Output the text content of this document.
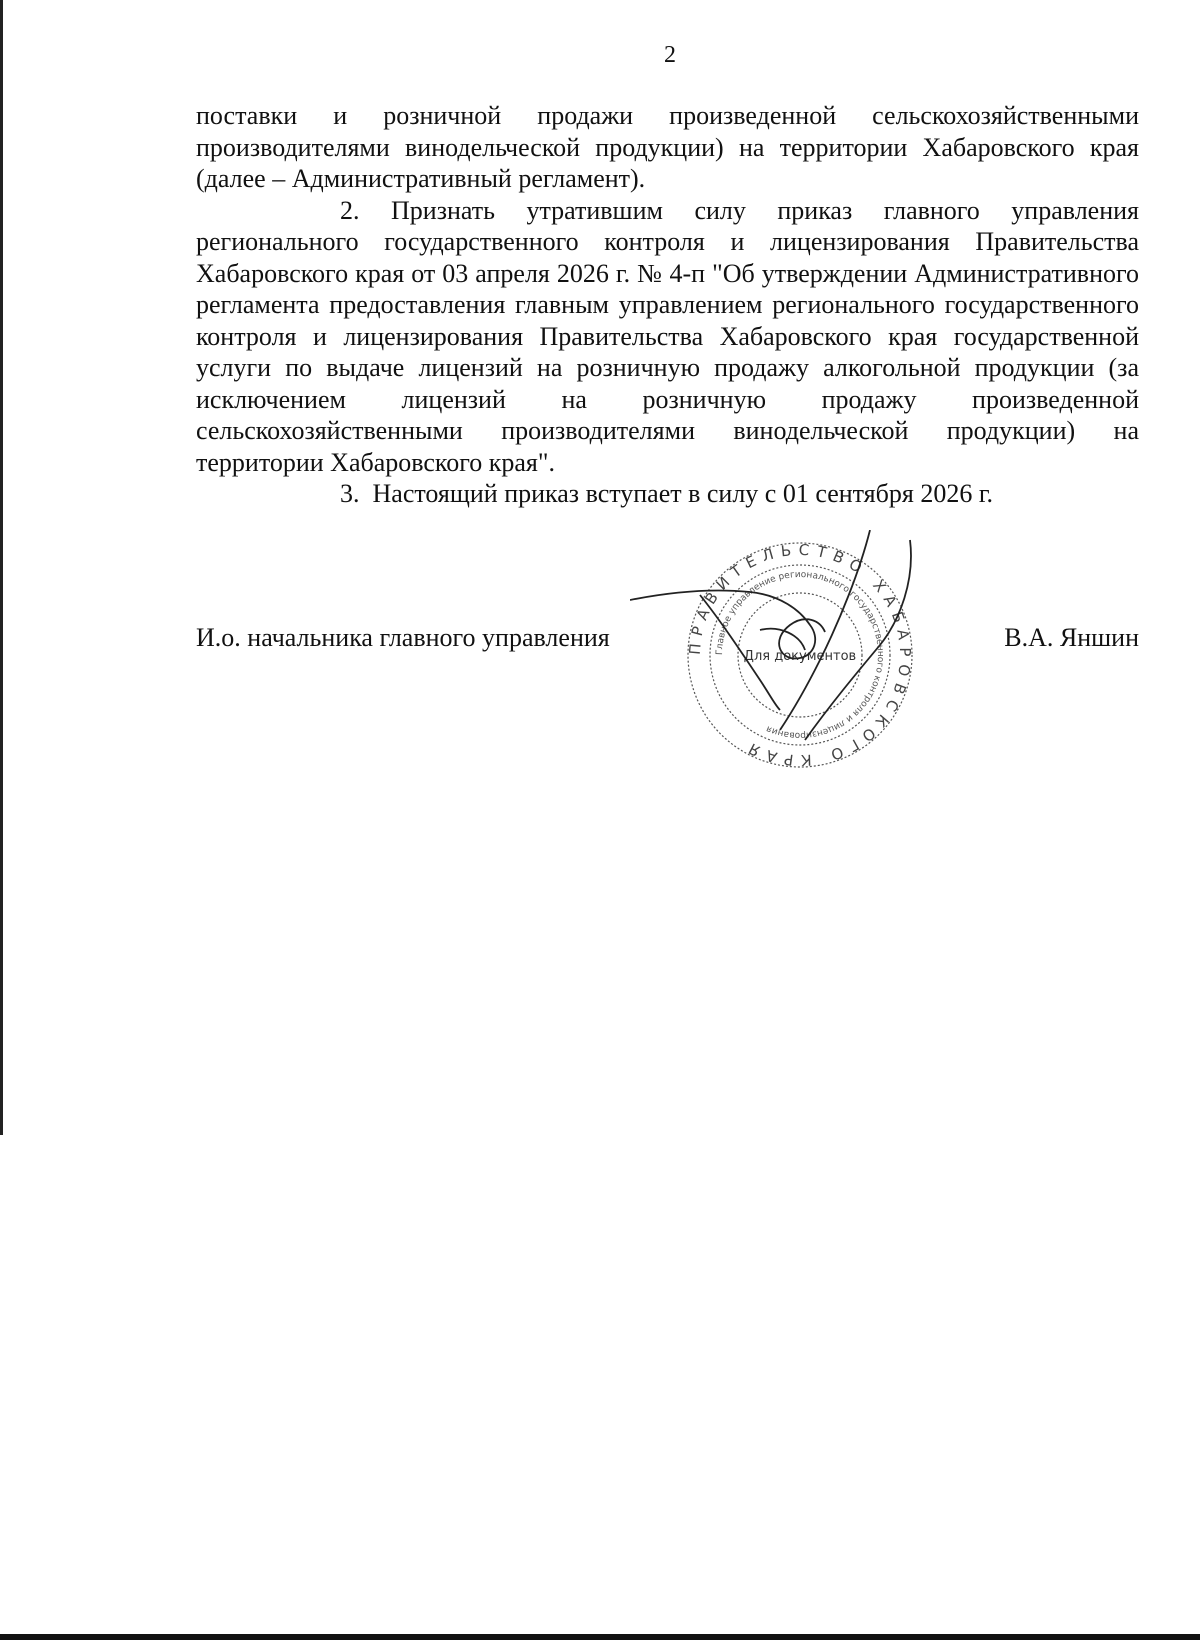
2

поставки и розничной продажи произведенной сельскохозяйственными производителями винодельческой продукции) на территории Хабаровского края (далее – Административный регламент).

2. Признать утратившим силу приказ главного управления регионального государственного контроля и лицензирования Правительства Хабаровского края от 03 апреля 2026 г. № 4-п "Об утверждении Административного регламента предоставления главным управлением регионального государственного контроля и лицензирования Правительства Хабаровского края государственной услуги по выдаче лицензий на розничную продажу алкогольной продукции (за исключением лицензий на розничную продажу произведенной сельскохозяйственными производителями винодельческой продукции) на территории Хабаровского края".

3. Настоящий приказ вступает в силу с 01 сентября 2026 г.

ПРАВИТЕЛЬСТВО ХАБАРОВСКОГО КРАЯ
Главное управление регионального государственного контроля и лицензирования
Для документов
И.о. начальника главного управления	В.А. Яншин
